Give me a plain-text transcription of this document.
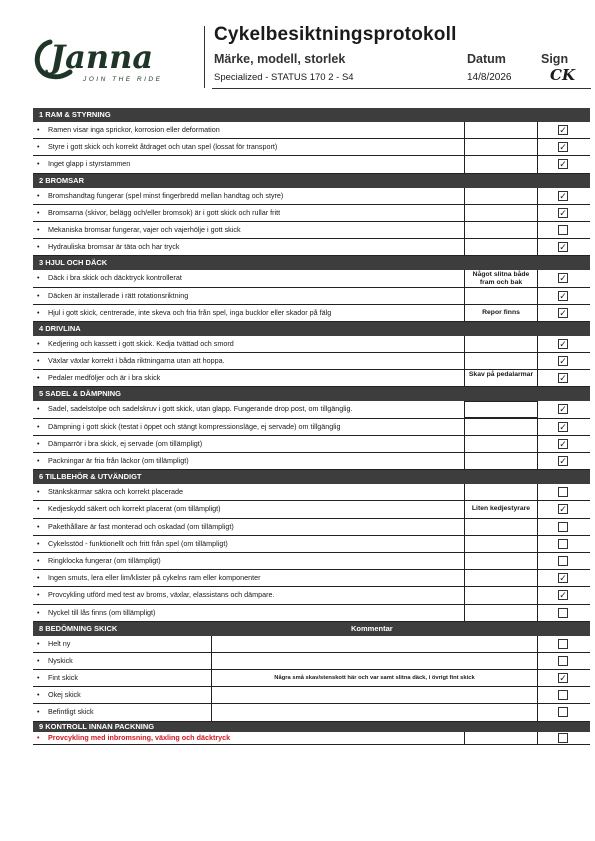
Janna
JOIN THE RIDE
Cykelbesiktningsprotokoll
Märke, modell, storlek
Specialized - STATUS 170 2 - S4
Datum	Sign
14/8/2026	CK
1 RAM & STYRNING
• Ramen visar inga sprickor, korrosion eller deformation	✓
• Styre i gott skick och korrekt åtdraget och utan spel (lossat för transport)	✓
• Inget glapp i styrstammen	✓
2 BROMSAR
• Bromshandtag fungerar (spel minst fingerbredd mellan handtag och styre)	✓
• Bromsarna (skivor, belägg och/eller bromsok) är i gott skick och rullar fritt	✓
• Mekaniska bromsar fungerar, vajer och vajerhölje i gott skick
• Hydrauliska bromsar är täta och har tryck	✓
3 HJUL OCH DÄCK
• Däck i bra skick och däcktryck kontrollerat	Något slitna både fram och bak	✓
• Däcken är installerade i rätt rotationsriktning	✓
• Hjul i gott skick, centrerade, inte skeva och fria från spel, inga bucklor eller skador på fälg	Repor finns	✓
4 DRIVLINA
• Kedjering och kassett i gott skick. Kedja tvättad och smord	✓
• Växlar växlar korrekt i båda riktningarna utan att hoppa.	✓
• Pedaler medföljer och är i bra skick	Skav på pedalarmar	✓
5 SADEL & DÄMPNING
• Sadel, sadelstolpe och sadelskruv i gott skick, utan glapp. Fungerande drop post, om tillgänglig.	✓
• Dämpning i gott skick (testat i öppet och stängt kompressionsläge, ej servade) om tillgänglig	✓
• Dämparrör i bra skick, ej servade (om tillämpligt)	✓
• Packningar är fria från läckor (om tillämpligt)	✓
6 TILLBEHÖR & UTVÄNDIGT
• Stänkskärmar säkra och korrekt placerade
• Kedjeskydd säkert och korrekt placerat (om tillämpligt)	Liten kedjestyrare	✓
• Pakethållare är fast monterad och oskadad (om tillämpligt)
• Cykelsstöd - funktionellt och fritt från spel (om tillämpligt)
• Ringklocka fungerar (om tillämpligt)
• Ingen smuts, lera eller lim/klister på cykelns ram eller komponenter	✓
• Provcykling utförd med test av broms, växlar, elassistans och dämpare.	✓
• Nyckel till lås finns (om tillämpligt)
8 BEDÖMNING SKICK	Kommentar
• Helt ny
• Nyskick
• Fint skick	Några små skav/stenskott här och var samt slitna däck, i övrigt fint skick	✓
• Okej skick
• Befintligt skick
9 KONTROLL INNAN PACKNING
• Provcykling med inbromsning, växling och däcktryck
